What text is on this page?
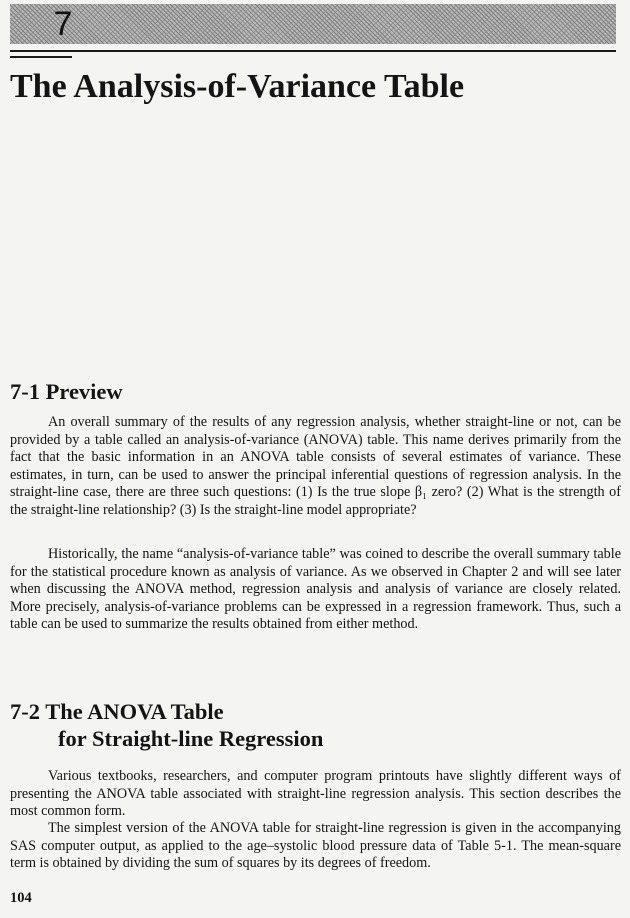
7
The Analysis-of-Variance Table
7-1 Preview

An overall summary of the results of any regression analysis, whether straight-line or not, can be provided by a table called an analysis-of-variance (ANOVA) table. This name derives primarily from the fact that the basic information in an ANOVA table consists of several estimates of variance. These estimates, in turn, can be used to answer the principal inferential questions of regression analysis. In the straight-line case, there are three such questions: (1) Is the true slope β₁ zero? (2) What is the strength of the straight-line relationship? (3) Is the straight-line model appropriate?

Historically, the name “analysis-of-variance table” was coined to describe the overall summary table for the statistical procedure known as analysis of variance. As we observed in Chapter 2 and will see later when discussing the ANOVA method, regression analysis and analysis of variance are closely related. More precisely, analysis-of-variance problems can be expressed in a regression framework. Thus, such a table can be used to summarize the results obtained from either method.

7-2 The ANOVA Table
for Straight-line Regression

Various textbooks, researchers, and computer program printouts have slightly different ways of presenting the ANOVA table associated with straight-line regression analysis. This section describes the most common form.

The simplest version of the ANOVA table for straight-line regression is given in the accompanying SAS computer output, as applied to the age–systolic blood pressure data of Table 5-1. The mean-square term is obtained by dividing the sum of squares by its degrees of freedom.

104
